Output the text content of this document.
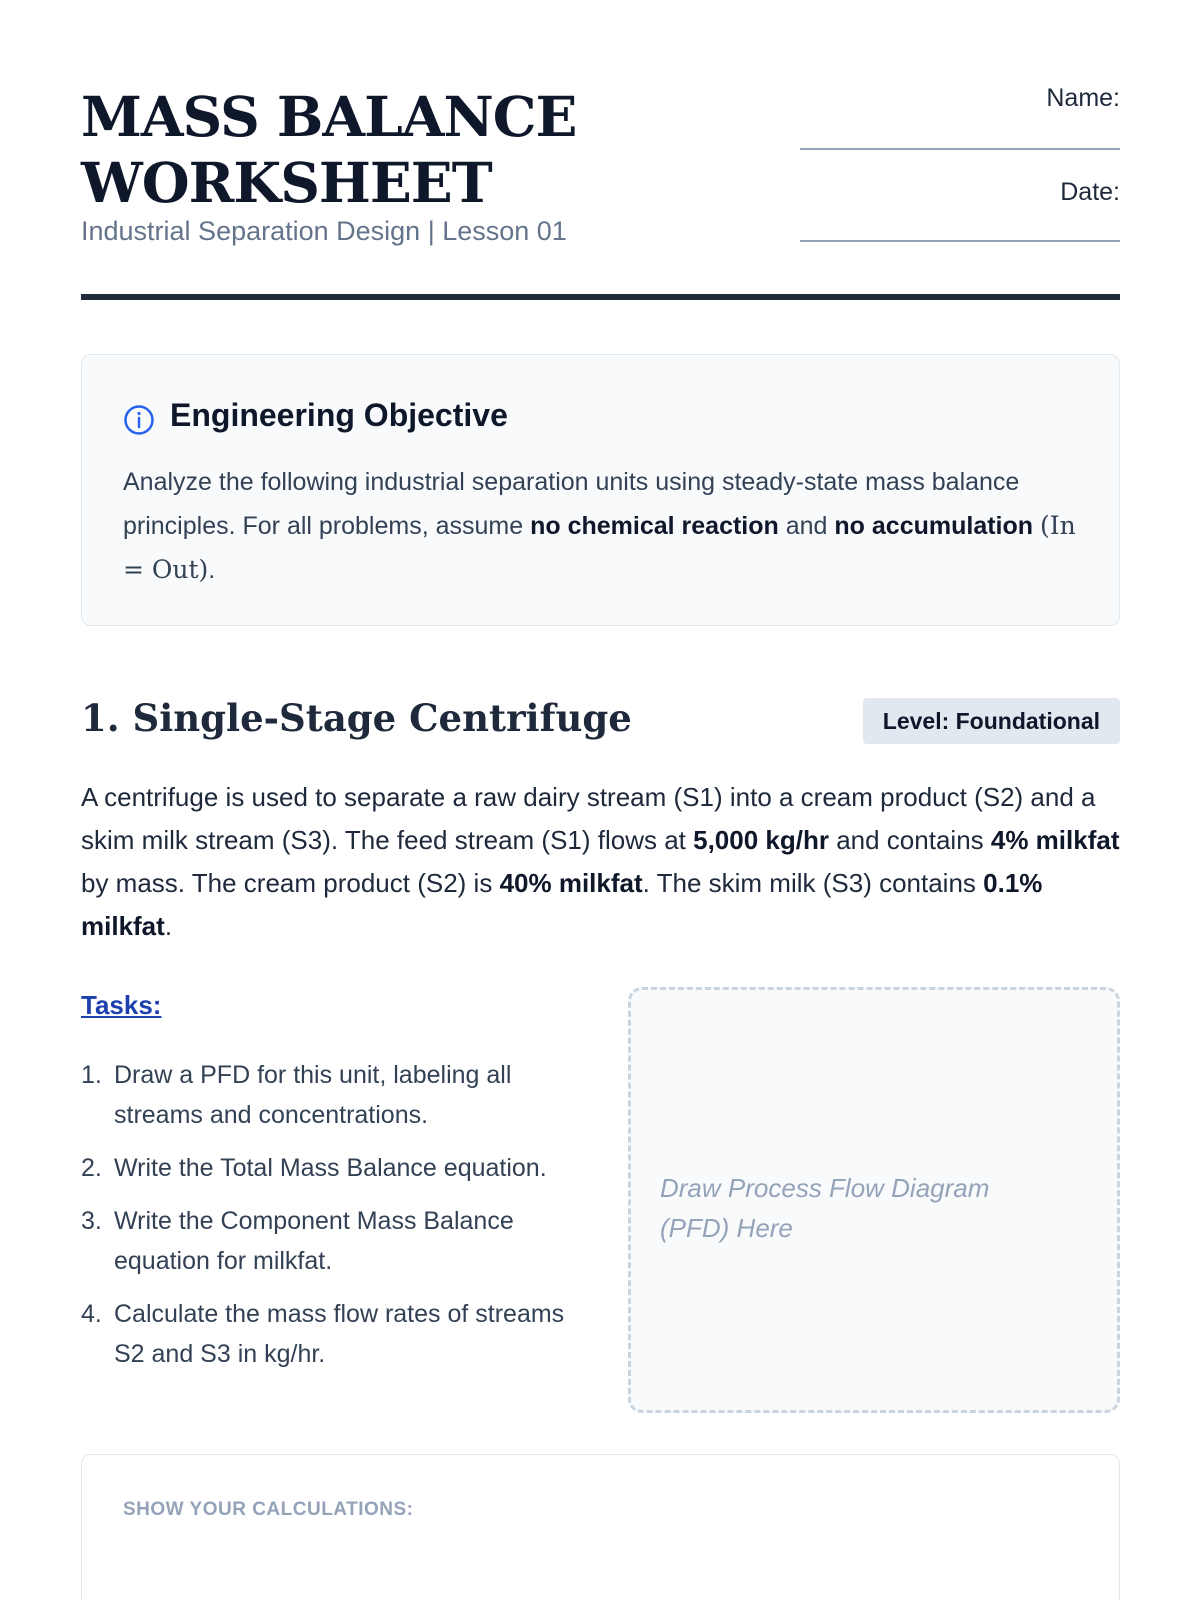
MASS BALANCE
WORKSHEET
Industrial Separation Design | Lesson 01
Name:
Date:
Engineering Objective
Analyze the following industrial separation units using steady-state mass balance principles. For all problems, assume no chemical reaction and no accumulation (In = Out).
1. Single-Stage Centrifuge	Level: Foundational
A centrifuge is used to separate a raw dairy stream (S1) into a cream product (S2) and a skim milk stream (S3). The feed stream (S1) flows at 5,000 kg/hr and contains 4% milkfat by mass. The cream product (S2) is 40% milkfat. The skim milk (S3) contains 0.1% milkfat.
Tasks:
1. Draw a PFD for this unit, labeling all streams and concentrations.
2. Write the Total Mass Balance equation.
3. Write the Component Mass Balance equation for milkfat.
4. Calculate the mass flow rates of streams S2 and S3 in kg/hr.
Draw Process Flow Diagram (PFD) Here
SHOW YOUR CALCULATIONS:
